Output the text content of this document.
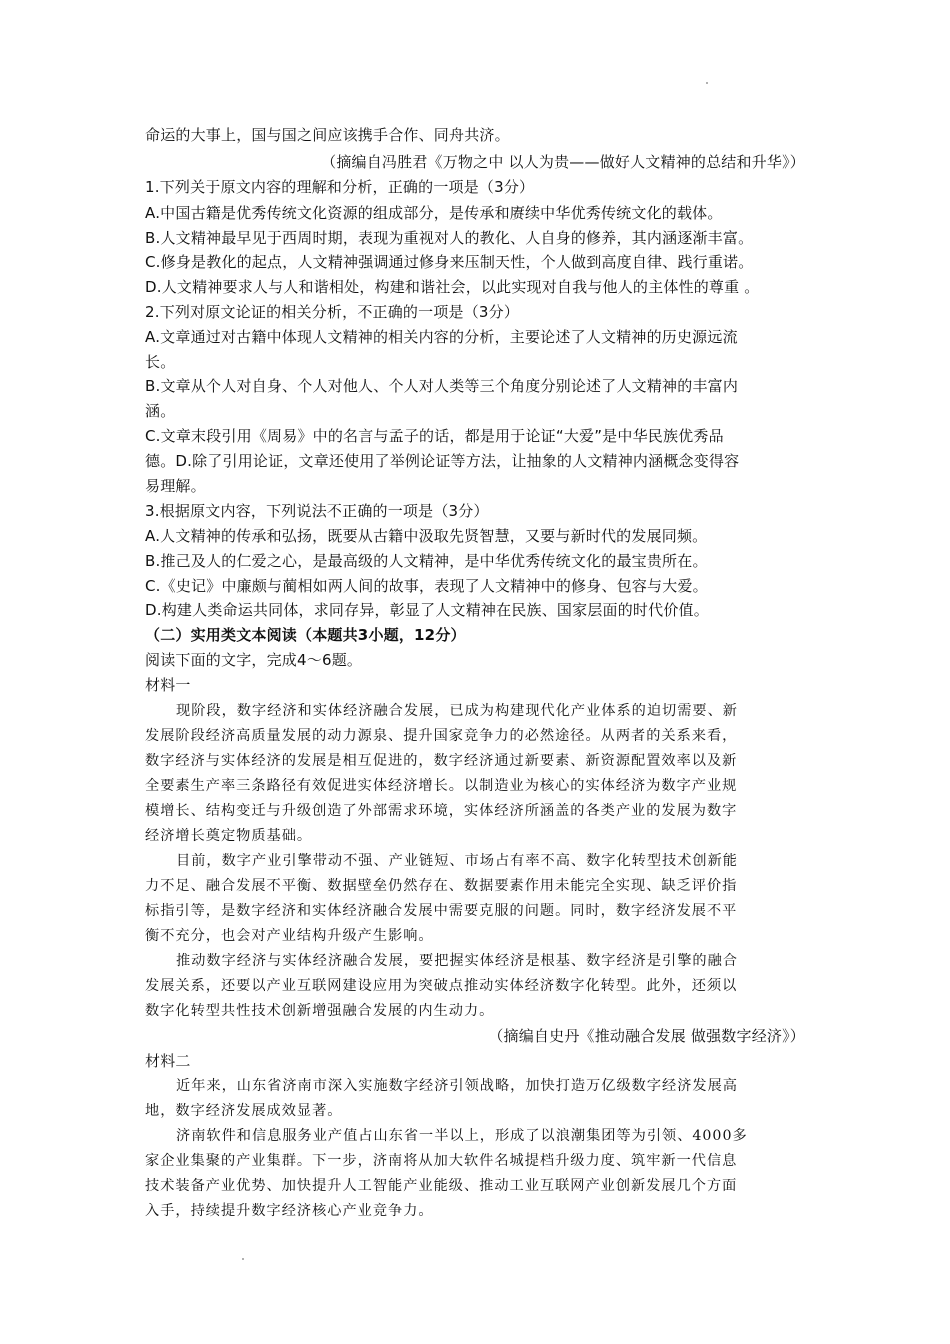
命运的大事上，国与国之间应该携手合作、同舟共济。
（摘编自冯胜君《万物之中 以人为贵——做好人文精神的总结和升华》）
1.下列关于原文内容的理解和分析，正确的一项是（3分）
A.中国古籍是优秀传统文化资源的组成部分，是传承和赓续中华优秀传统文化的载体。
B.人文精神最早见于西周时期，表现为重视对人的教化、人自身的修养，其内涵逐渐丰富。
C.修身是教化的起点，人文精神强调通过修身来压制天性，个人做到高度自律、践行重诺。
D.人文精神要求人与人和谐相处，构建和谐社会，以此实现对自我与他人的主体性的尊重 。
2.下列对原文论证的相关分析，不正确的一项是（3分）
A.文章通过对古籍中体现人文精神的相关内容的分析，主要论述了人文精神的历史源远流
长。
B.文章从个人对自身、个人对他人、个人对人类等三个角度分别论述了人文精神的丰富内
涵。
C.文章末段引用《周易》中的名言与孟子的话，都是用于论证“大爱”是中华民族优秀品
德。D.除了引用论证，文章还使用了举例论证等方法，让抽象的人文精神内涵概念变得容
易理解。
3.根据原文内容，下列说法不正确的一项是（3分）
A.人文精神的传承和弘扬，既要从古籍中汲取先贤智慧，又要与新时代的发展同频。
B.推己及人的仁爱之心，是最高级的人文精神，是中华优秀传统文化的最宝贵所在。
C.《史记》中廉颇与蔺相如两人间的故事，表现了人文精神中的修身、包容与大爱。
D.构建人类命运共同体，求同存异，彰显了人文精神在民族、国家层面的时代价值。
（二）实用类文本阅读（本题共3小题，12分）
阅读下面的文字，完成4～6题。
材料一
现阶段，数字经济和实体经济融合发展，已成为构建现代化产业体系的迫切需要、新
发展阶段经济高质量发展的动力源泉、提升国家竞争力的必然途径。从两者的关系来看，
数字经济与实体经济的发展是相互促进的，数字经济通过新要素、新资源配置效率以及新
全要素生产率三条路径有效促进实体经济增长。以制造业为核心的实体经济为数字产业规
模增长、结构变迁与升级创造了外部需求环境，实体经济所涵盖的各类产业的发展为数字
经济增长奠定物质基础。
目前，数字产业引擎带动不强、产业链短、市场占有率不高、数字化转型技术创新能
力不足、融合发展不平衡、数据壁垒仍然存在、数据要素作用未能完全实现、缺乏评价指
标指引等，是数字经济和实体经济融合发展中需要克服的问题。同时，数字经济发展不平
衡不充分，也会对产业结构升级产生影响。
推动数字经济与实体经济融合发展，要把握实体经济是根基、数字经济是引擎的融合
发展关系，还要以产业互联网建设应用为突破点推动实体经济数字化转型。此外，还须以
数字化转型共性技术创新增强融合发展的内生动力。
（摘编自史丹《推动融合发展 做强数字经济》）
材料二
近年来，山东省济南市深入实施数字经济引领战略，加快打造万亿级数字经济发展高
地，数字经济发展成效显著。
济南软件和信息服务业产值占山东省一半以上，形成了以浪潮集团等为引领、4000多
家企业集聚的产业集群。下一步，济南将从加大软件名城提档升级力度、筑牢新一代信息
技术装备产业优势、加快提升人工智能产业能级、推动工业互联网产业创新发展几个方面
入手，持续提升数字经济核心产业竞争力。
